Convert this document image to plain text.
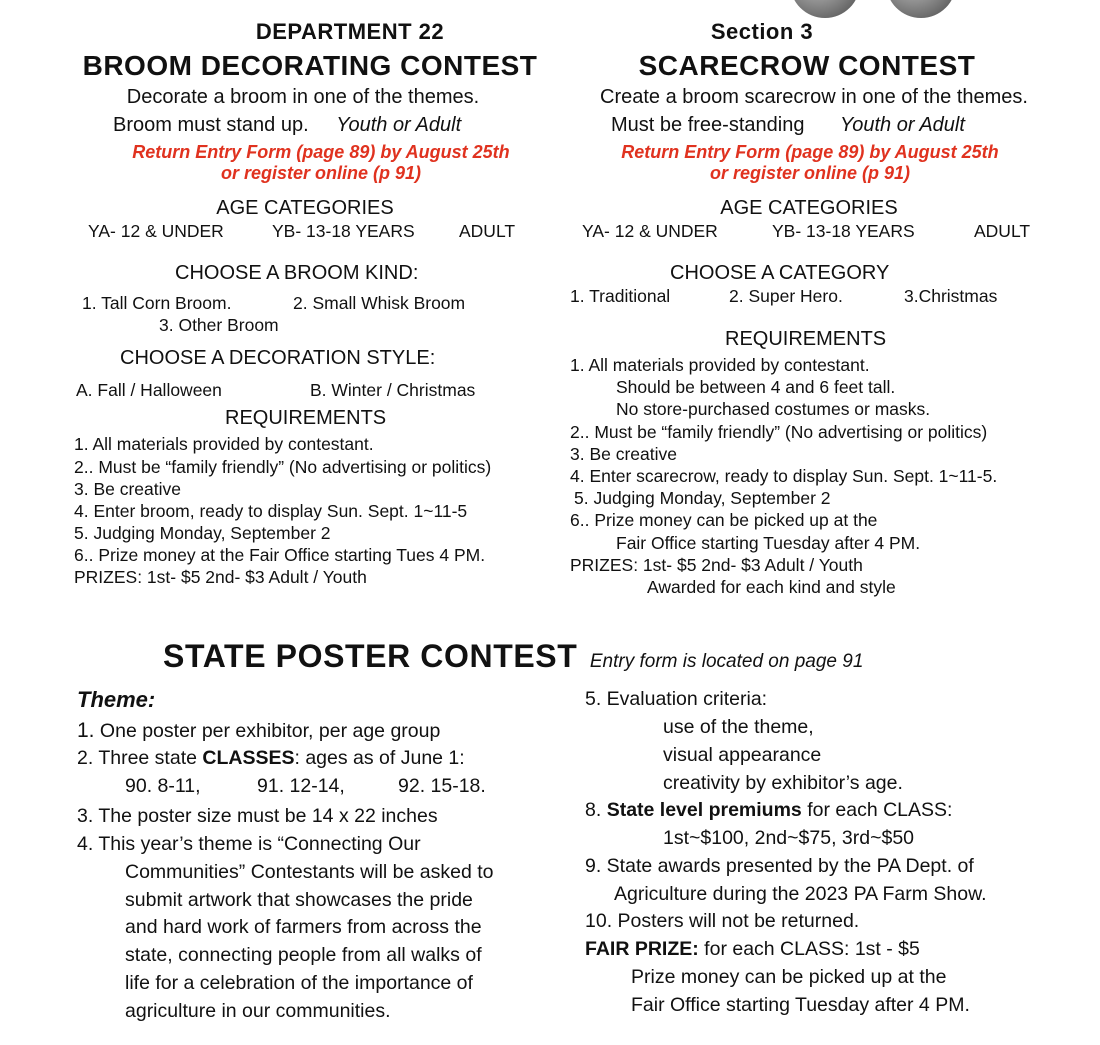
DEPARTMENT 22
BROOM DECORATING CONTEST
Decorate a broom in one of the themes.
Broom must stand up. Youth or Adult
Return Entry Form (page 89) by August 25th
or register online (p 91)
AGE CATEGORIES
YA- 12 & UNDER	YB- 13-18 YEARS	ADULT
CHOOSE A BROOM KIND:
1. Tall Corn Broom.	2. Small Whisk Broom
3. Other Broom
CHOOSE A DECORATION STYLE:
A. Fall / Halloween	B. Winter / Christmas
REQUIREMENTS
1. All materials provided by contestant.
2.. Must be “family friendly” (No advertising or politics)
3. Be creative
4. Enter broom, ready to display Sun. Sept. 1~11-5
5. Judging Monday, September 2
6.. Prize money at the Fair Office starting Tues 4 PM.
PRIZES: 1st- $5 2nd- $3 Adult / Youth
Section 3
SCARECROW CONTEST
Create a broom scarecrow in one of the themes.
Must be free-standing Youth or Adult
Return Entry Form (page 89) by August 25th
or register online (p 91)
AGE CATEGORIES
YA- 12 & UNDER	YB- 13-18 YEARS	ADULT
CHOOSE A CATEGORY
1. Traditional	2. Super Hero.	3.Christmas
REQUIREMENTS
1. All materials provided by contestant.
Should be between 4 and 6 feet tall.
No store-purchased costumes or masks.
2.. Must be “family friendly” (No advertising or politics)
3. Be creative
4. Enter scarecrow, ready to display Sun. Sept. 1~11-5.
5. Judging Monday, September 2
6.. Prize money can be picked up at the
Fair Office starting Tuesday after 4 PM.
PRIZES: 1st- $5 2nd- $3 Adult / Youth
Awarded for each kind and style
STATE POSTER CONTEST Entry form is located on page 91
Theme:
1. One poster per exhibitor, per age group
2. Three state CLASSES: ages as of June 1:
90. 8-11,	91. 12-14,	92. 15-18.
3. The poster size must be 14 x 22 inches
4. This year’s theme is “Connecting Our
Communities” Contestants will be asked to
submit artwork that showcases the pride
and hard work of farmers from across the
state, connecting people from all walks of
life for a celebration of the importance of
agriculture in our communities.
5. Evaluation criteria:
use of the theme,
visual appearance
creativity by exhibitor’s age.
8. State level premiums for each CLASS:
1st~$100, 2nd~$75, 3rd~$50
9. State awards presented by the PA Dept. of
Agriculture during the 2023 PA Farm Show.
10. Posters will not be returned.
FAIR PRIZE: for each CLASS: 1st - $5
Prize money can be picked up at the
Fair Office starting Tuesday after 4 PM.
